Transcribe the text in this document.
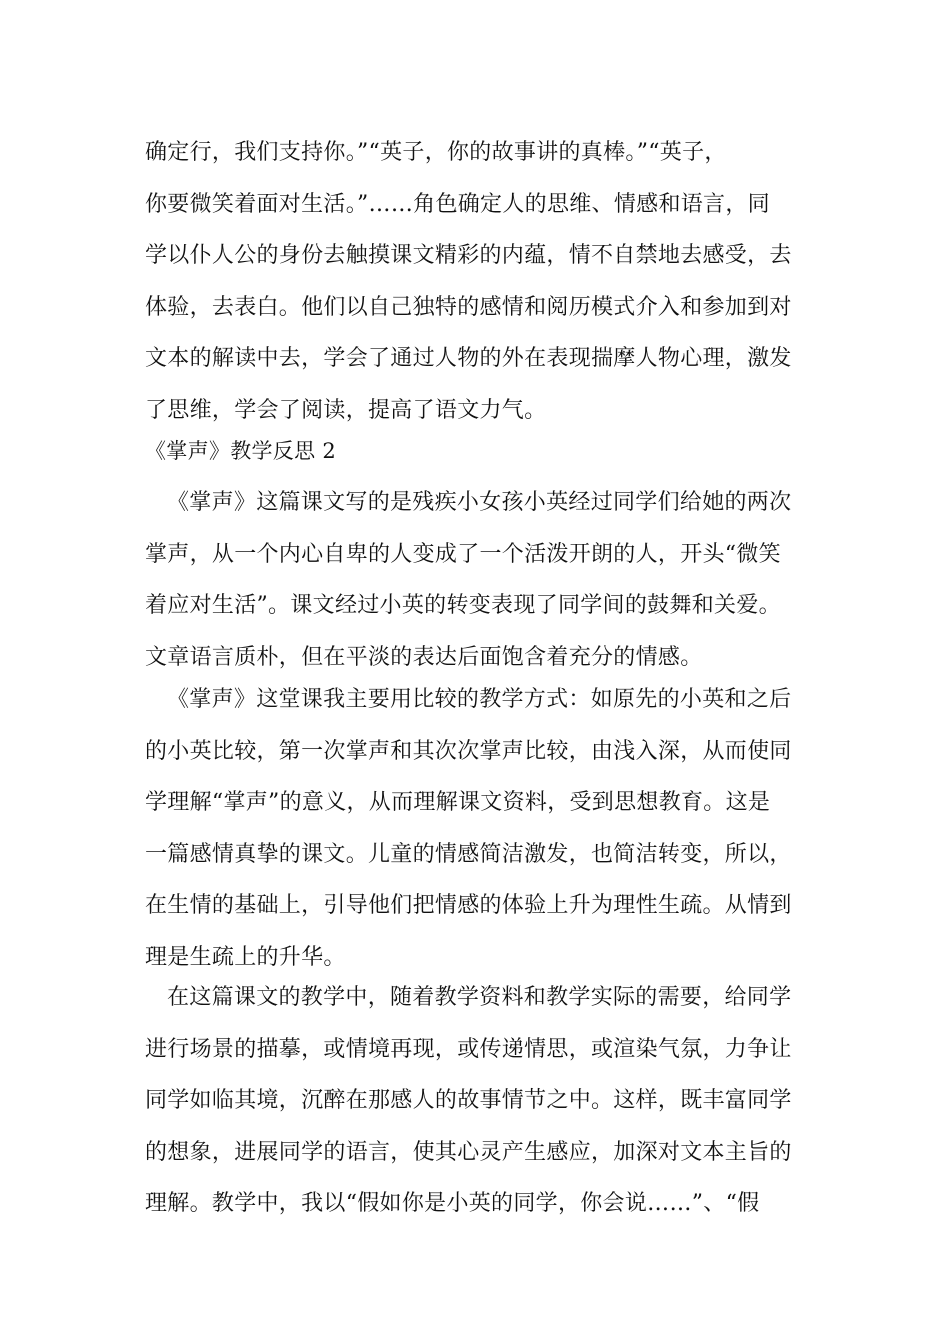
确定行，我们支持你。”“英子，你的故事讲的真棒。”“英子，
你要微笑着面对生活。”……角色确定人的思维、情感和语言，同
学以仆人公的身份去触摸课文精彩的内蕴，情不自禁地去感受，去
体验，去表白。他们以自己独特的感情和阅历模式介入和参加到对
文本的解读中去，学会了通过人物的外在表现揣摩人物心理，激发
了思维，学会了阅读，提高了语文力气。
《掌声》教学反思 2
《掌声》这篇课文写的是残疾小女孩小英经过同学们给她的两次
掌声，从一个内心自卑的人变成了一个活泼开朗的人，开头“微笑
着应对生活”。课文经过小英的转变表现了同学间的鼓舞和关爱。
文章语言质朴，但在平淡的表达后面饱含着充分的情感。
《掌声》这堂课我主要用比较的教学方式：如原先的小英和之后
的小英比较，第一次掌声和其次次掌声比较，由浅入深，从而使同
学理解“掌声”的意义，从而理解课文资料，受到思想教育。这是
一篇感情真挚的课文。儿童的情感简洁激发，也简洁转变，所以，
在生情的基础上，引导他们把情感的体验上升为理性生疏。从情到
理是生疏上的升华。
在这篇课文的教学中，随着教学资料和教学实际的需要，给同学
进行场景的描摹，或情境再现，或传递情思，或渲染气氛，力争让
同学如临其境，沉醉在那感人的故事情节之中。这样，既丰富同学
的想象，进展同学的语言，使其心灵产生感应，加深对文本主旨的
理解。教学中，我以“假如你是小英的同学，你会说……”、“假
